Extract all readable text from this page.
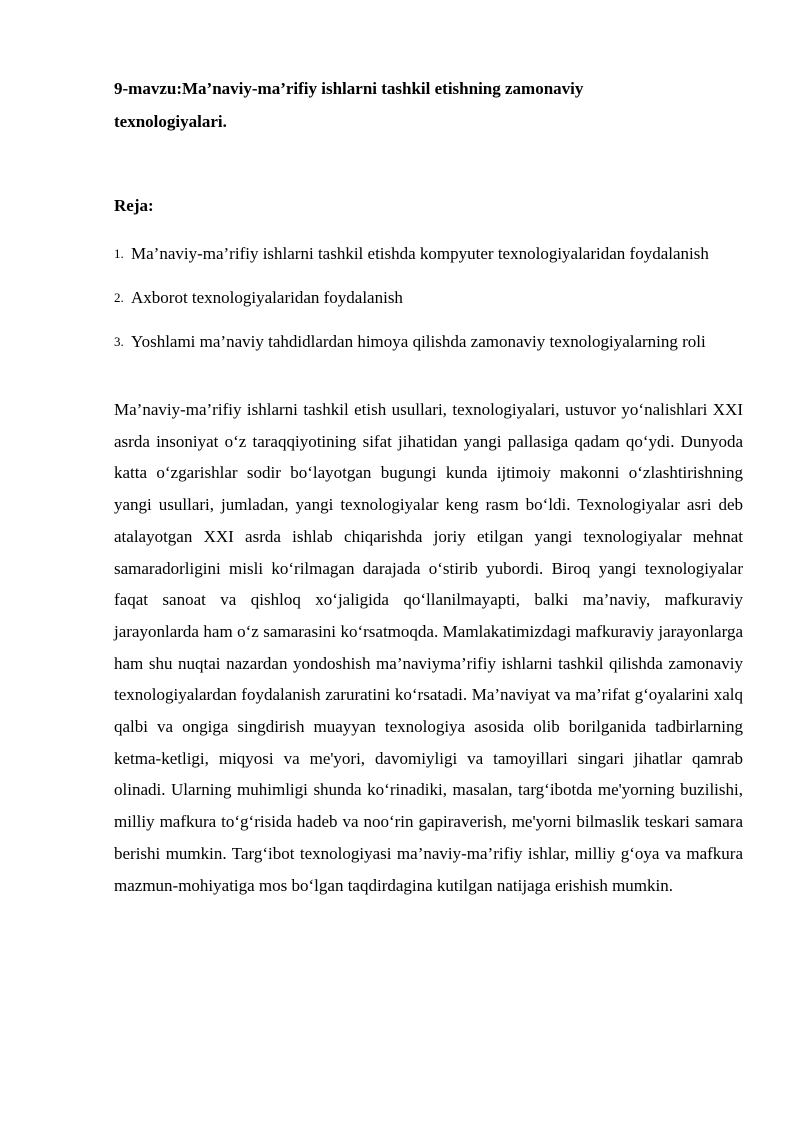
9-mavzu:Ma’naviy-ma’rifiy ishlarni tashkil etishning zamonaviy texnologiyalari.
Reja:
1. Ma’naviy-ma’rifiy ishlarni tashkil etishda kompyuter texnologiyalaridan foydalanish
2. Axborot texnologiyalaridan foydalanish
3. Yoshlami ma’naviy tahdidlardan himoya qilishda zamonaviy texnologiyalarning roli

Ma’naviy-ma’rifiy ishlarni tashkil etish usullari, texnologiyalari, ustuvor yo‘nalishlari XXI asrda insoniyat o‘z taraqqiyotining sifat jihatidan yangi pallasiga qadam qo‘ydi. Dunyoda katta o‘zgarishlar sodir bo‘layotgan bugungi kunda ijtimoiy makonni o‘zlashtirishning yangi usullari, jumladan, yangi texnologiyalar keng rasm bo‘ldi. Texnologiyalar asri deb atalayotgan XXI asrda ishlab chiqarishda joriy etilgan yangi texnologiyalar mehnat samaradorligini misli ko‘rilmagan darajada o‘stirib yubordi. Biroq yangi texnologiyalar faqat sanoat va qishloq xo‘jaligida qo‘llanilmayapti, balki ma’naviy, mafkuraviy jarayonlarda ham o‘z samarasini ko‘rsatmoqda. Mamlakatimizdagi mafkuraviy jarayonlarga ham shu nuqtai nazardan yondoshish ma’naviyma’rifiy ishlarni tashkil qilishda zamonaviy texnologiyalardan foydalanish zaruratini ko‘rsatadi. Ma’naviyat va ma’rifat g‘oyalarini xalq qalbi va ongiga singdirish muayyan texnologiya asosida olib borilganida tadbirlarning ketma-ketligi, miqyosi va me'yori, davomiyligi va tamoyillari singari jihatlar qamrab olinadi. Ularning muhimligi shunda ko‘rinadiki, masalan, targ‘ibotda me'yorning buzilishi, milliy mafkura to‘g‘risida hadeb va noo‘rin gapiraverish, me'yorni bilmaslik teskari samara berishi mumkin. Targ‘ibot texnologiyasi ma’naviy-ma’rifiy ishlar, milliy g‘oya va mafkura mazmun-mohiyatiga mos bo‘lgan taqdirdagina kutilgan natijaga erishish mumkin.
